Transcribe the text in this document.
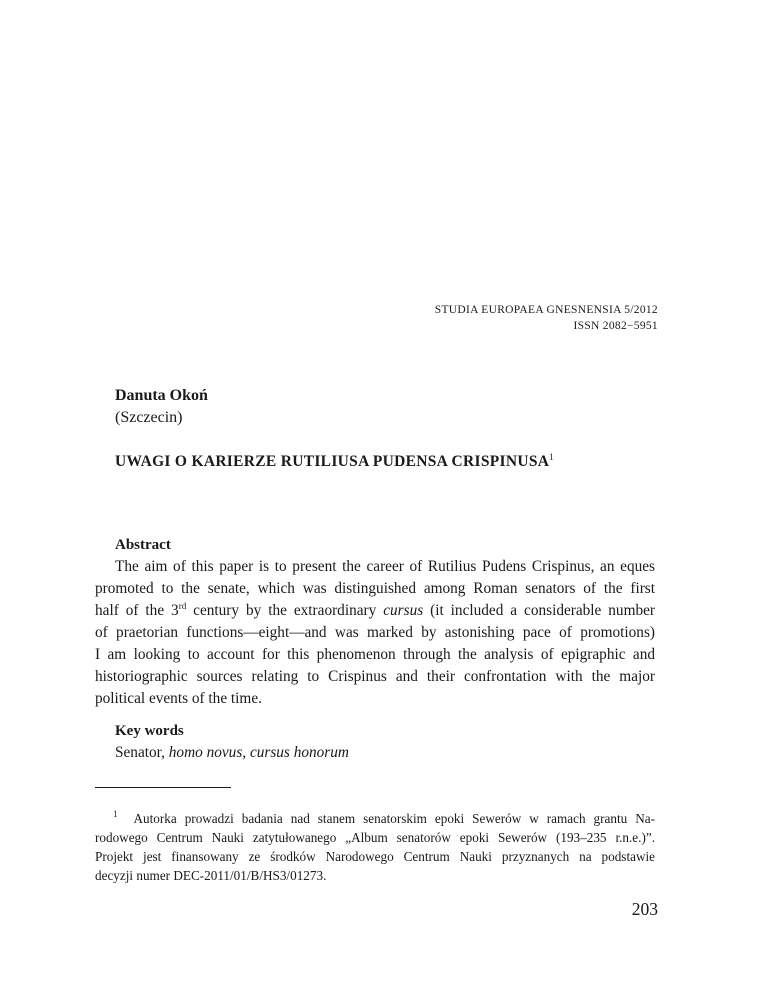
STUDIA EUROPAEA GNESNENSIA 5/2012
ISSN 2082−5951
Danuta Okoń
(Szczecin)
UWAGI O KARIERZE RUTILIUSA PUDENSA CRISPINUSA$^1$
Abstract
The aim of this paper is to present the career of Rutilius Pudens Crispinus, an eques
promoted to the senate, which was distinguished among Roman senators of the first
half of the 3rd century by the extraordinary cursus (it included a considerable number
of praetorian functions—eight—and was marked by astonishing pace of promotions)
I am looking to account for this phenomenon through the analysis of epigraphic and
historiographic sources relating to Crispinus and their confrontation with the major
political events of the time.
Key words
Senator, homo novus, cursus honorum
$^1$ Autorka prowadzi badania nad stanem senatorskim epoki Sewerów w ramach grantu Na-
rodowego Centrum Nauki zatytułowanego „Album senatorów epoki Sewerów (193–235 r.n.e.)”.
Projekt jest finansowany ze środków Narodowego Centrum Nauki przyznanych na podstawie
decyzji numer DEC-2011/01/B/HS3/01273.
203
